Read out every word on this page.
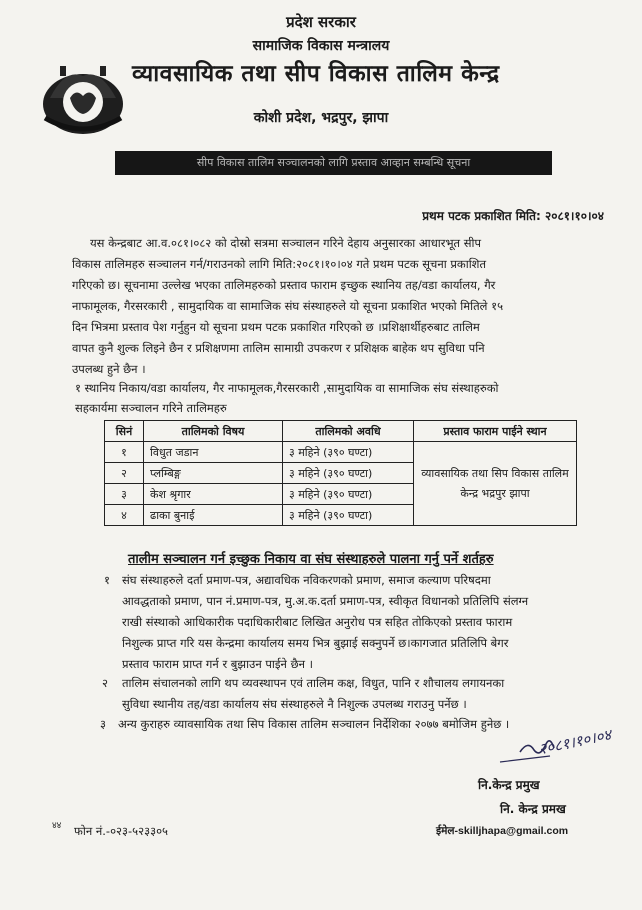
प्रदेश सरकार
सामाजिक विकास मन्त्रालय
व्यावसायिक तथा सीप विकास तालिम केन्द्र
कोशी प्रदेश, भद्रपुर, झापा
सीप विकास तालिम सञ्चालनको लागि प्रस्ताव आव्हान सम्बन्धि सूचना
प्रथम पटक प्रकाशित मिति: २०८१।१०।०४
यस केन्द्रबाट आ.व.०८१।०८२ को दोस्रो सत्रमा सञ्चालन गरिने देहाय अनुसारका आधारभूत सीप
विकास तालिमहरु सञ्चालन गर्न/गराउनको लागि मिति:२०८१।१०।०४ गते प्रथम पटक सूचना प्रकाशित
गरिएको छ। सूचनामा उल्लेख भएका तालिमहरुको प्रस्ताव फाराम इच्छुक स्थानिय तह/वडा कार्यालय, गैर
नाफामूलक, गैरसरकारी , सामुदायिक वा सामाजिक संघ संस्थाहरुले यो सूचना प्रकाशित भएको मितिले १५
दिन भित्रमा प्रस्ताव पेश गर्नुहुन यो सूचना प्रथम पटक प्रकाशित गरिएको छ ।प्रशिक्षार्थीहरुबाट तालिम
वापत कुनै शुल्क लिइने छैन र प्रशिक्षणमा तालिम सामाग्री उपकरण र प्रशिक्षक बाहेक थप सुविधा पनि
उपलब्ध हुने छैन ।
१ स्थानिय निकाय/वडा कार्यालय, गैर नाफामूलक,गैरसरकारी ,सामुदायिक वा सामाजिक संघ संस्थाहरुको
सहकार्यमा सञ्चालन गरिने तालिमहरु
सिनं	तालिमको विषय	तालिमको अवधि	प्रस्ताव फाराम पाईने स्थान
१	विधुत जडान	३ महिने (३९० घण्टा)	व्यावसायिक तथा सिप विकास तालिम केन्द्र भद्रपुर झापा
२	प्लम्बिङ्ग	३ महिने (३९० घण्टा)	
३	केश श्रृगार	३ महिने (३९० घण्टा)	
४	ढाका बुनाई	३ महिने (३९० घण्टा)	
तालीम सञ्चालन गर्न इच्छुक निकाय वा संघ संस्थाहरुले पालना गर्नु पर्ने शर्तहरु
१ संघ संस्थाहरुले दर्ता प्रमाण-पत्र, अद्यावधिक नविकरणको प्रमाण, समाज कल्याण परिषदमा
आवद्धताको प्रमाण, पान नं.प्रमाण-पत्र, मु.अ.क.दर्ता प्रमाण-पत्र, स्वीकृत विधानको प्रतिलिपि संलग्न
राखी संस्थाको आधिकारीक पदाधिकारीबाट लिखित अनुरोध पत्र सहित तोकिएको प्रस्ताव फाराम
निशुल्क प्राप्त गरि यस केन्द्रमा कार्यालय समय भित्र बुझाई सक्नुपर्ने छ।कागजात प्रतिलिपि बेगर
प्रस्ताव फाराम प्राप्त गर्न र बुझाउन पाईने छैन ।
२ तालिम संचालनको लागि थप व्यवस्थापन एवं तालिम कक्ष, विधुत, पानि र शौचालय लगायनका
सुविधा स्थानीय तह/वडा कार्यालय संघ संस्थाहरुले नै निशुल्क उपलब्ध गराउनु पर्नेछ ।
३ अन्य कुराहरु व्यावसायिक तथा सिप विकास तालिम सञ्चालन निर्देशिका २०७७ बमोजिम हुनेछ ।
२०८१।१०।०४
नि.केन्द्र प्रमुख
नि. केन्द्र प्रमख
४४ फोन नं.-०२३-५२३३०५	ईमेल-skilljhapa@gmail.com
